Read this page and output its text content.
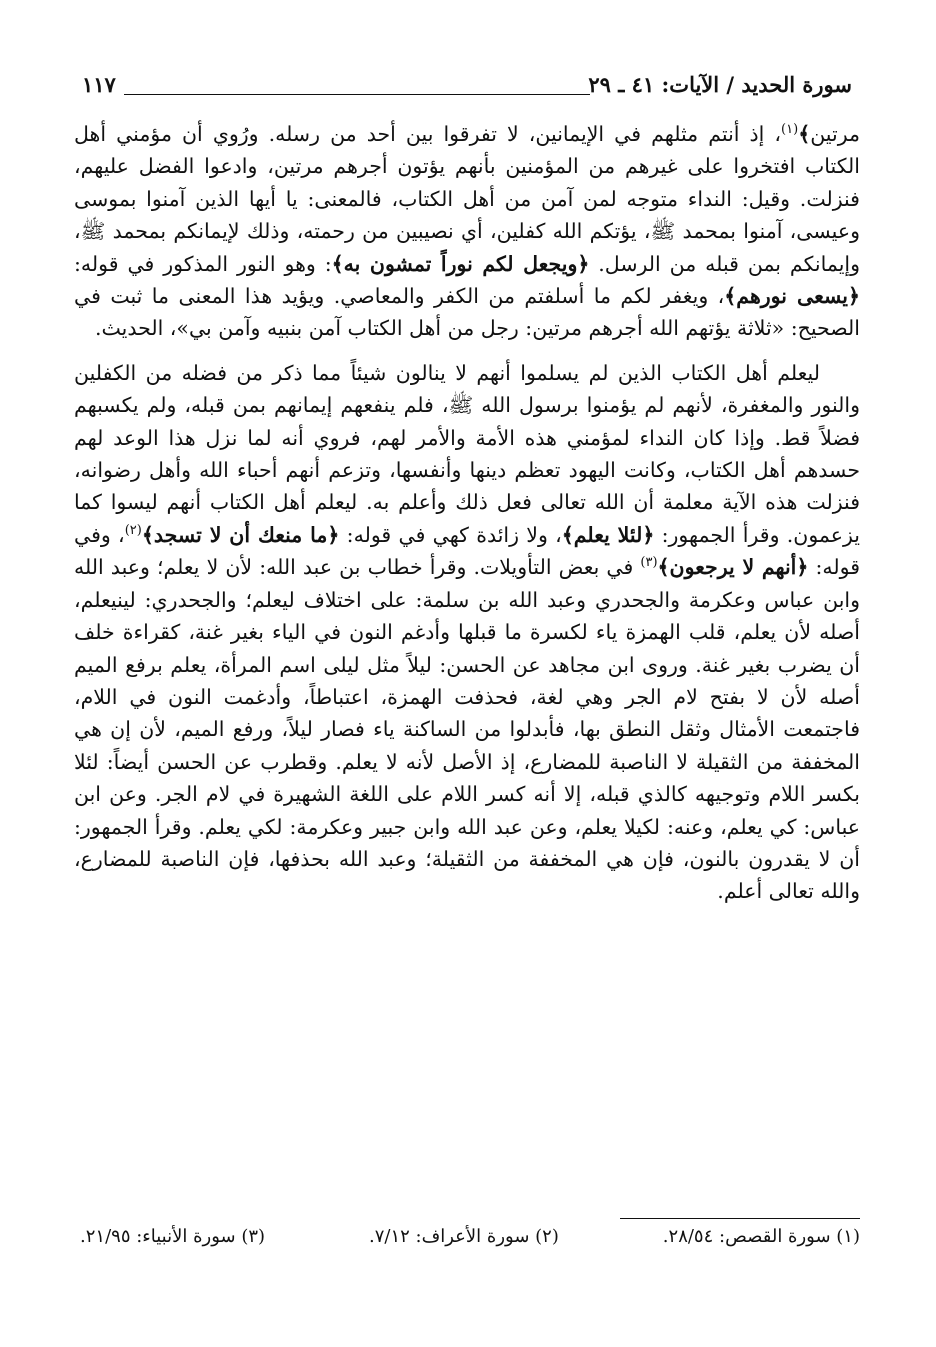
سورة الحديد / الآيات: ٤١ ـ ٢٩
١١٧

مرتين﴾$^{(١)}$، إذ أنتم مثلهم في الإيمانين، لا تفرقوا بين أحد من رسله. ورُوي أن مؤمني أهل الكتاب افتخروا على غيرهم من المؤمنين بأنهم يؤتون أجرهم مرتين، وادعوا الفضل عليهم، فنزلت. وقيل: النداء متوجه لمن آمن من أهل الكتاب، فالمعنى: يا أيها الذين آمنوا بموسى وعيسى، آمنوا بمحمد ﷺ، يؤتكم الله كفلين، أي نصيبين من رحمته، وذلك لإيمانكم بمحمد ﷺ، وإيمانكم بمن قبله من الرسل. ﴿ويجعل لكم نوراً تمشون به﴾: وهو النور المذكور في قوله: ﴿يسعى نورهم﴾، ويغفر لكم ما أسلفتم من الكفر والمعاصي. ويؤيد هذا المعنى ما ثبت في الصحيح: «ثلاثة يؤتهم الله أجرهم مرتين: رجل من أهل الكتاب آمن بنبيه وآمن بي»، الحديث.

ليعلم أهل الكتاب الذين لم يسلموا أنهم لا ينالون شيئاً مما ذكر من فضله من الكفلين والنور والمغفرة، لأنهم لم يؤمنوا برسول الله ﷺ، فلم ينفعهم إيمانهم بمن قبله، ولم يكسبهم فضلاً قط. وإذا كان النداء لمؤمني هذه الأمة والأمر لهم، فروي أنه لما نزل هذا الوعد لهم حسدهم أهل الكتاب، وكانت اليهود تعظم دينها وأنفسها، وتزعم أنهم أحباء الله وأهل رضوانه، فنزلت هذه الآية معلمة أن الله تعالى فعل ذلك وأعلم به. ليعلم أهل الكتاب أنهم ليسوا كما يزعمون. وقرأ الجمهور: ﴿لئلا يعلم﴾، ولا زائدة كهي في قوله: ﴿ما منعك أن لا تسجد﴾$^{(٢)}$، وفي قوله: ﴿أنهم لا يرجعون﴾$^{(٣)}$ في بعض التأويلات. وقرأ خطاب بن عبد الله: لأن لا يعلم؛ وعبد الله وابن عباس وعكرمة والجحدري وعبد الله بن سلمة: على اختلاف ليعلم؛ والجحدري: لينيعلم، أصله لأن يعلم، قلب الهمزة ياء لكسرة ما قبلها وأدغم النون في الياء بغير غنة، كقراءة خلف أن يضرب بغير غنة. وروى ابن مجاهد عن الحسن: ليلاً مثل ليلى اسم المرأة، يعلم برفع الميم أصله لأن لا بفتح لام الجر وهي لغة، فحذفت الهمزة، اعتباطاً، وأدغمت النون في اللام، فاجتمعت الأمثال وثقل النطق بها، فأبدلوا من الساكنة ياء فصار ليلاً، ورفع الميم، لأن إن هي المخففة من الثقيلة لا الناصبة للمضارع، إذ الأصل لأنه لا يعلم. وقطرب عن الحسن أيضاً: لئلا بكسر اللام وتوجيهه كالذي قبله، إلا أنه كسر اللام على اللغة الشهيرة في لام الجر. وعن ابن عباس: كي يعلم، وعنه: لكيلا يعلم، وعن عبد الله وابن جبير وعكرمة: لكي يعلم. وقرأ الجمهور: أن لا يقدرون بالنون، فإن هي المخففة من الثقيلة؛ وعبد الله بحذفها، فإن الناصبة للمضارع، والله تعالى أعلم.

(١) سورة القصص: ٢٨/٥٤.
(٢) سورة الأعراف: ٧/١٢.
(٣) سورة الأنبياء: ٢١/٩٥.
